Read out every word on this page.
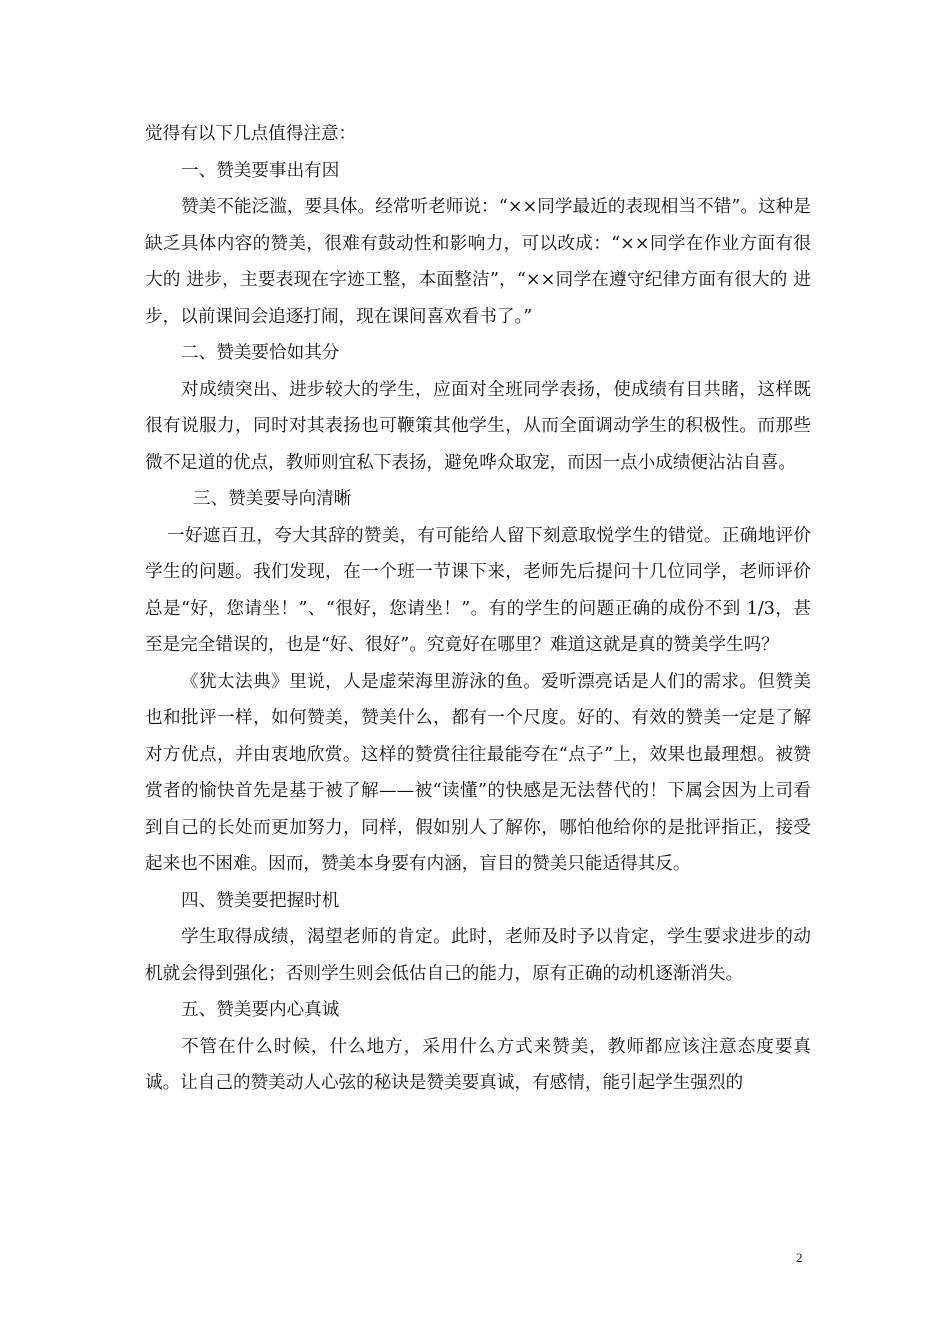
觉得有以下几点值得注意：

一、赞美要事出有因

赞美不能泛滥，要具体。经常听老师说：“××同学最近的表现相当不错”。这种是缺乏具体内容的赞美，很难有鼓动性和影响力，可以改成：“××同学在作业方面有很大的 进步，主要表现在字迹工整，本面整洁”，“××同学在遵守纪律方面有很大的 进步，以前课间会追逐打闹，现在课间喜欢看书了。”

二、赞美要恰如其分

对成绩突出、进步较大的学生，应面对全班同学表扬，使成绩有目共睹，这样既很有说服力，同时对其表扬也可鞭策其他学生，从而全面调动学生的积极性。而那些微不足道的优点，教师则宜私下表扬，避免哗众取宠，而因一点小成绩便沾沾自喜。

三、赞美要导向清晰

一好遮百丑，夸大其辞的赞美，有可能给人留下刻意取悦学生的错觉。正确地评价学生的问题。我们发现，在一个班一节课下来，老师先后提问十几位同学，老师评价总是“好，您请坐！”、“很好，您请坐！”。有的学生的问题正确的成份不到 1/3，甚至是完全错误的，也是“好、很好”。究竟好在哪里？难道这就是真的赞美学生吗？

《犹太法典》里说，人是虚荣海里游泳的鱼。爱听漂亮话是人们的需求。但赞美也和批评一样，如何赞美，赞美什么，都有一个尺度。好的、有效的赞美一定是了解对方优点，并由衷地欣赏。这样的赞赏往往最能夸在“点子”上，效果也最理想。被赞赏者的愉快首先是基于被了解——被“读懂”的快感是无法替代的！下属会因为上司看到自己的长处而更加努力，同样，假如别人了解你，哪怕他给你的是批评指正，接受起来也不困难。因而，赞美本身要有内涵，盲目的赞美只能适得其反。

四、赞美要把握时机

学生取得成绩，渴望老师的肯定。此时，老师及时予以肯定，学生要求进步的动机就会得到强化；否则学生则会低估自己的能力，原有正确的动机逐渐消失。

五、赞美要内心真诚

不管在什么时候，什么地方，采用什么方式来赞美，教师都应该注意态度要真诚。让自己的赞美动人心弦的秘诀是赞美要真诚，有感情，能引起学生强烈的

2
